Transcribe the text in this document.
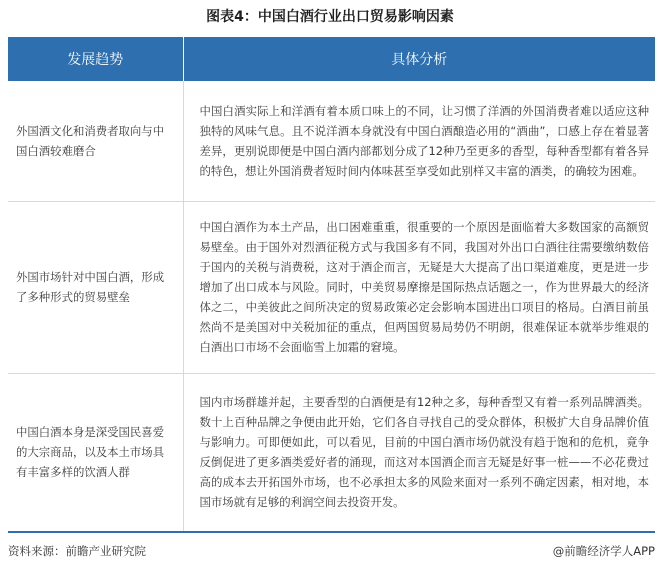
图表4：中国白酒行业出口贸易影响因素
发展趋势	具体分析
外国酒文化和消费者取向与中国白酒较难磨合	中国白酒实际上和洋酒有着本质口味上的不同，让习惯了洋酒的外国消费者难以适应这种独特的风味气息。且不说洋酒本身就没有中国白酒酿造必用的“酒曲”，口感上存在着显著差异，更别说即便是中国白酒内部都划分成了12种乃至更多的香型，每种香型都有着各异的特色，想让外国消费者短时间内体味甚至享受如此别样又丰富的酒类，的确较为困难。
外国市场针对中国白酒，形成了多种形式的贸易壁垒	中国白酒作为本土产品，出口困难重重，很重要的一个原因是面临着大多数国家的高额贸易壁垒。由于国外对烈酒征税方式与我国多有不同，我国对外出口白酒往往需要缴纳数倍于国内的关税与消费税，这对于酒企而言，无疑是大大提高了出口渠道难度，更是进一步增加了出口成本与风险。同时，中美贸易摩擦是国际热点话题之一，作为世界最大的经济体之二，中美彼此之间所决定的贸易政策必定会影响本国进出口项目的格局。白酒目前虽然尚不是美国对中关税加征的重点，但两国贸易局势仍不明朗，很难保证本就举步维艰的白酒出口市场不会面临雪上加霜的窘境。
中国白酒本身是深受国民喜爱的大宗商品，以及本土市场具有丰富多样的饮酒人群	国内市场群雄并起，主要香型的白酒便是有12种之多，每种香型又有着一系列品牌酒类。数十上百种品牌之争便由此开始，它们各自寻找自己的受众群体，积极扩大自身品牌价值与影响力。可即便如此，可以看见，目前的中国白酒市场仍就没有趋于饱和的危机，竟争反倒促进了更多酒类爱好者的涌现，而这对本国酒企而言无疑是好事一桩——不必花费过高的成本去开拓国外市场，也不必承担太多的风险来面对一系列不确定因素，相对地，本国市场就有足够的利润空间去投资开发。
资料来源：前瞻产业研究院	@前瞻经济学人APP
